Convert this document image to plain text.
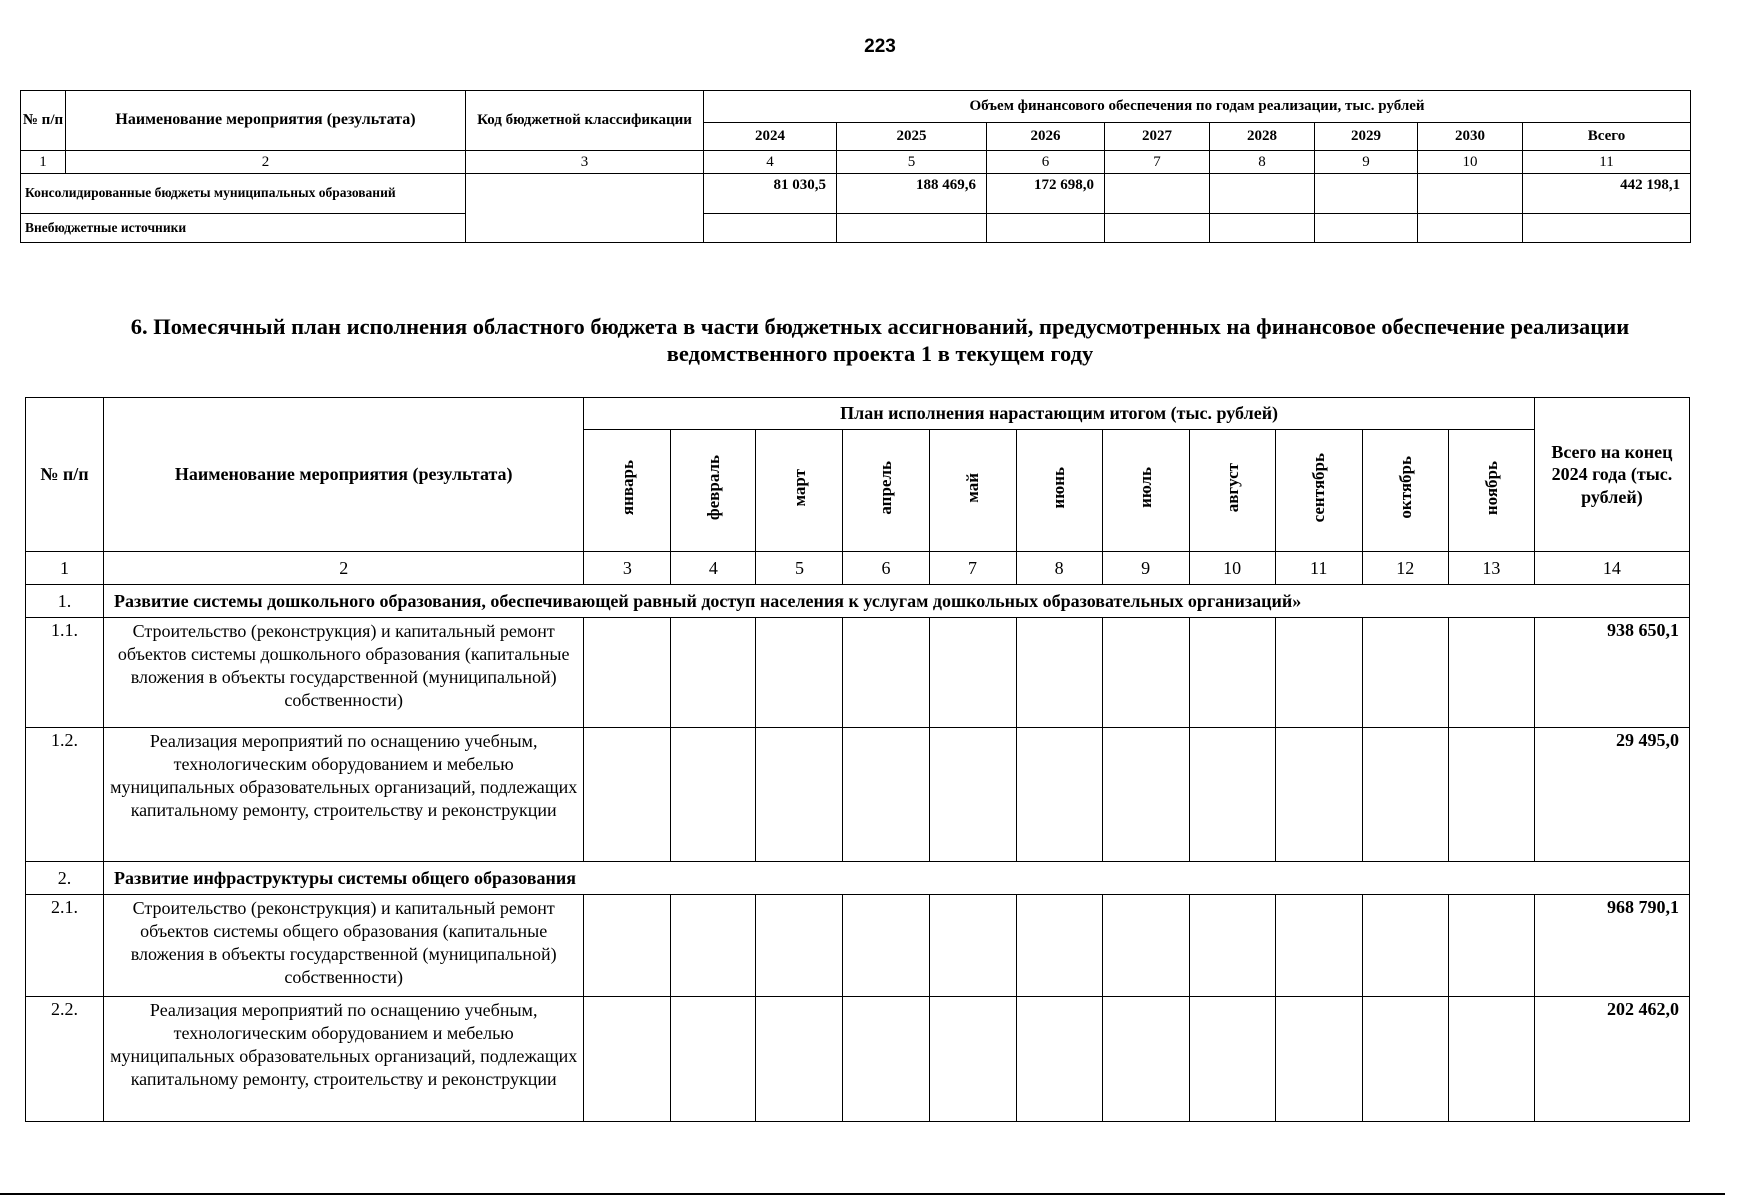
223
№ п/п	Наименование мероприятия (результата)	Код бюджетной классификации	Объем финансового обеспечения по годам реализации, тыс. рублей							
			2024	2025	2026	2027	2028	2029	2030	Всего
1	2	3	4	5	6	7	8	9	10	11
Консолидированные бюджеты муниципальных образований			81 030,5	188 469,6	172 698,0					442 198,1
Внебюджетные источники										
6. Помесячный план исполнения областного бюджета в части бюджетных ассигнований, предусмотренных на финансовое обеспечение реализации ведомственного проекта 1 в текущем году
№ п/п	Наименование мероприятия (результата)	План исполнения нарастающим итогом (тыс. рублей)											Всего на конец 2024 года (тыс. рублей)
		январь	февраль	март	апрель	май	июнь	июль	август	сентябрь	октябрь	ноябрь	
1	2	3	4	5	6	7	8	9	10	11	12	13	14
1.	Развитие системы дошкольного образования, обеспечивающей равный доступ населения к услугам дошкольных образовательных организаций»												
1.1.	Строительство (реконструкция) и капитальный ремонт объектов системы дошкольного образования (капитальные вложения в объекты государственной (муниципальной) собственности)												938 650,1
1.2.	Реализация мероприятий по оснащению учебным, технологическим оборудованием и мебелью муниципальных образовательных организаций, подлежащих капитальному ремонту, строительству и реконструкции												29 495,0
2.	Развитие инфраструктуры системы общего образования												
2.1.	Строительство (реконструкция) и капитальный ремонт объектов системы общего образования (капитальные вложения в объекты государственной (муниципальной) собственности)												968 790,1
2.2.	Реализация мероприятий по оснащению учебным, технологическим оборудованием и мебелью муниципальных образовательных организаций, подлежащих капитальному ремонту, строительству и реконструкции												202 462,0
